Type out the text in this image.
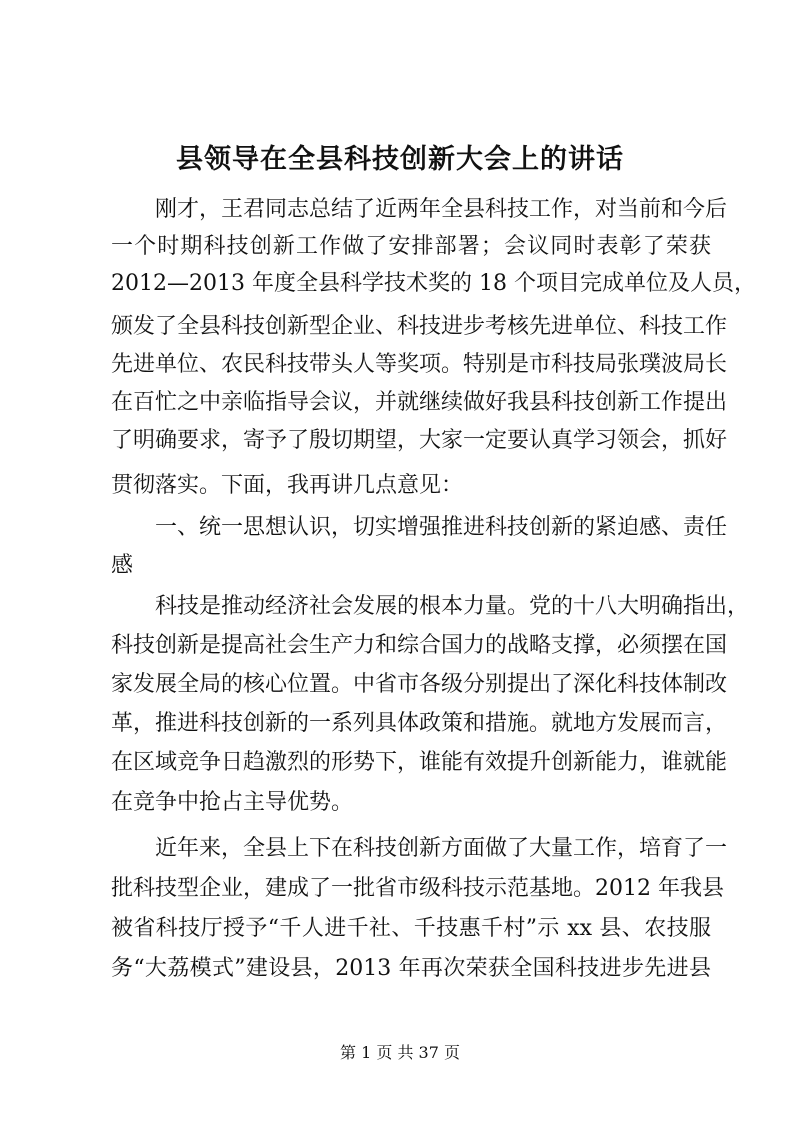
县领导在全县科技创新大会上的讲话

　　刚才，王君同志总结了近两年全县科技工作，对当前和今后

一个时期科技创新工作做了安排部署；会议同时表彰了荣获

2012—2013 年度全县科学技术奖的 18 个项目完成单位及人员，

颁发了全县科技创新型企业、科技进步考核先进单位、科技工作

先进单位、农民科技带头人等奖项。特别是市科技局张璞波局长

在百忙之中亲临指导会议，并就继续做好我县科技创新工作提出

了明确要求，寄予了殷切期望，大家一定要认真学习领会，抓好

贯彻落实。下面，我再讲几点意见：

　　一、统一思想认识，切实增强推进科技创新的紧迫感、责任

感

　　科技是推动经济社会发展的根本力量。党的十八大明确指出，

科技创新是提高社会生产力和综合国力的战略支撑，必须摆在国

家发展全局的核心位置。中省市各级分别提出了深化科技体制改

革，推进科技创新的一系列具体政策和措施。就地方发展而言，

在区域竞争日趋激烈的形势下，谁能有效提升创新能力，谁就能

在竞争中抢占主导优势。

　　近年来，全县上下在科技创新方面做了大量工作，培育了一

批科技型企业，建成了一批省市级科技示范基地。2012 年我县

被省科技厅授予“千人进千社、千技惠千村”示 xx 县、农技服

务“大荔模式”建设县，2013 年再次荣获全国科技进步先进县

第 1 页 共 37 页
